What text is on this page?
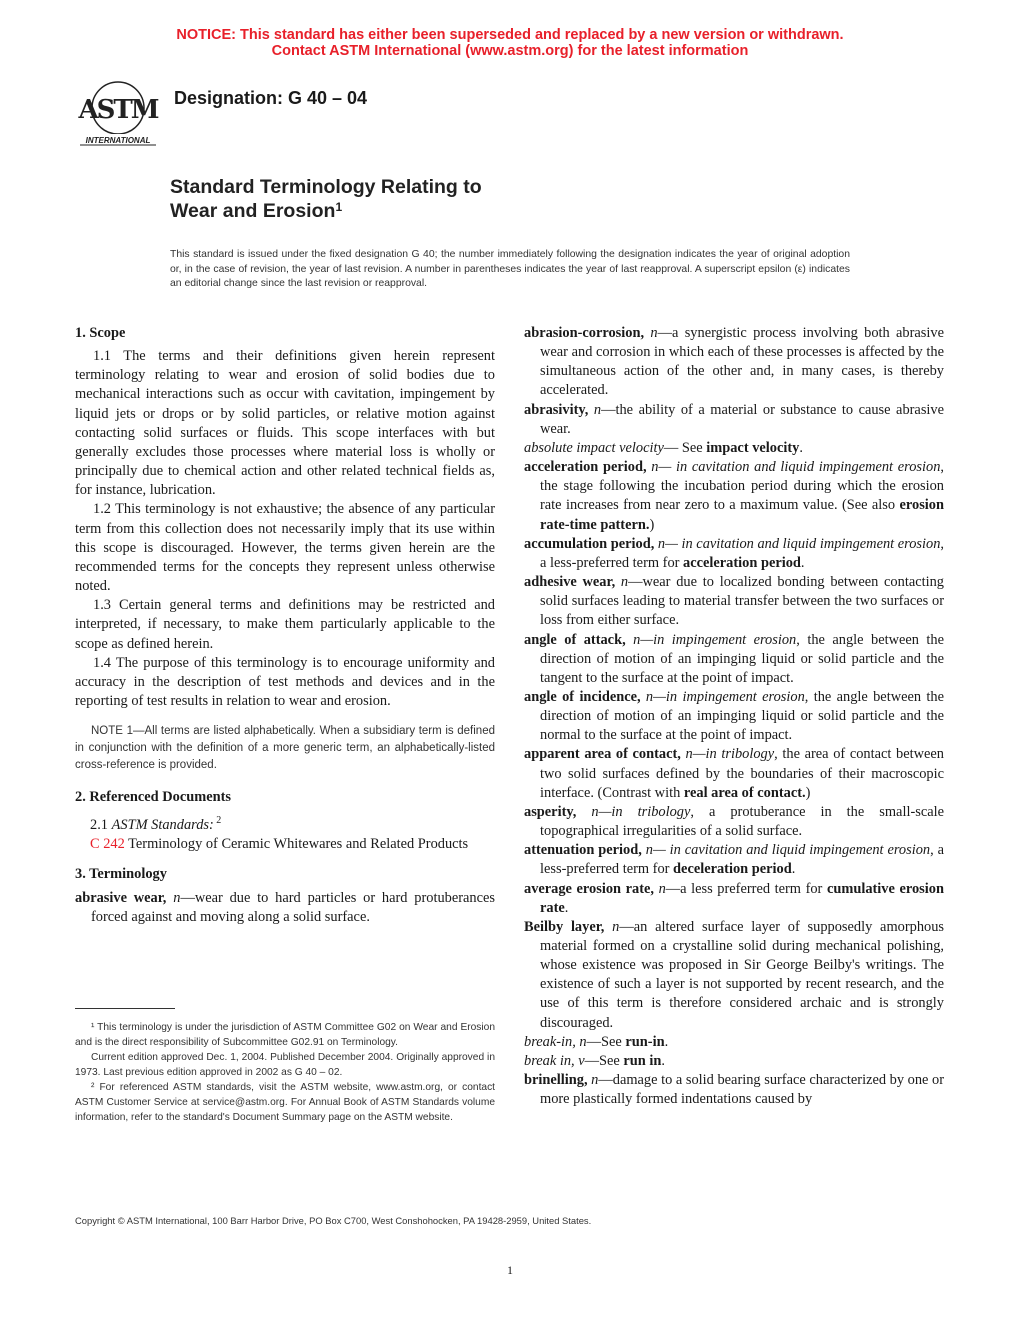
NOTICE: This standard has either been superseded and replaced by a new version or withdrawn.
Contact ASTM International (www.astm.org) for the latest information
ASTM
INTERNATIONAL
Designation: G 40 – 04
Standard Terminology Relating to
Wear and Erosion$^1$
This standard is issued under the fixed designation G 40; the number immediately following the designation indicates the year of original adoption or, in the case of revision, the year of last revision. A number in parentheses indicates the year of last reapproval. A superscript epsilon (ε) indicates an editorial change since the last revision or reapproval.

1. Scope

1.1 The terms and their definitions given herein represent terminology relating to wear and erosion of solid bodies due to mechanical interactions such as occur with cavitation, impingement by liquid jets or drops or by solid particles, or relative motion against contacting solid surfaces or fluids. This scope interfaces with but generally excludes those processes where material loss is wholly or principally due to chemical action and other related technical fields as, for instance, lubrication.

1.2 This terminology is not exhaustive; the absence of any particular term from this collection does not necessarily imply that its use within this scope is discouraged. However, the terms given herein are the recommended terms for the concepts they represent unless otherwise noted.

1.3 Certain general terms and definitions may be restricted and interpreted, if necessary, to make them particularly applicable to the scope as defined herein.

1.4 The purpose of this terminology is to encourage uniformity and accuracy in the description of test methods and devices and in the reporting of test results in relation to wear and erosion.

NOTE 1—All terms are listed alphabetically. When a subsidiary term is defined in conjunction with the definition of a more generic term, an alphabetically-listed cross-reference is provided.

2. Referenced Documents

2.1 ASTM Standards: $^2$

C 242 Terminology of Ceramic Whitewares and Related Products

3. Terminology

abrasive wear, n—wear due to hard particles or hard protuberances forced against and moving along a solid surface.

¹ This terminology is under the jurisdiction of ASTM Committee G02 on Wear and Erosion and is the direct responsibility of Subcommittee G02.91 on Terminology.

Current edition approved Dec. 1, 2004. Published December 2004. Originally approved in 1973. Last previous edition approved in 2002 as G 40 – 02.

² For referenced ASTM standards, visit the ASTM website, www.astm.org, or contact ASTM Customer Service at service@astm.org. For Annual Book of ASTM Standards volume information, refer to the standard's Document Summary page on the ASTM website.

abrasion-corrosion, n—a synergistic process involving both abrasive wear and corrosion in which each of these processes is affected by the simultaneous action of the other and, in many cases, is thereby accelerated.

abrasivity, n—the ability of a material or substance to cause abrasive wear.

absolute impact velocity— See impact velocity.

acceleration period, n— in cavitation and liquid impingement erosion, the stage following the incubation period during which the erosion rate increases from near zero to a maximum value. (See also erosion rate-time pattern.)

accumulation period, n— in cavitation and liquid impingement erosion, a less-preferred term for acceleration period.

adhesive wear, n—wear due to localized bonding between contacting solid surfaces leading to material transfer between the two surfaces or loss from either surface.

angle of attack, n—in impingement erosion, the angle between the direction of motion of an impinging liquid or solid particle and the tangent to the surface at the point of impact.

angle of incidence, n—in impingement erosion, the angle between the direction of motion of an impinging liquid or solid particle and the normal to the surface at the point of impact.

apparent area of contact, n—in tribology, the area of contact between two solid surfaces defined by the boundaries of their macroscopic interface. (Contrast with real area of contact.)

asperity, n—in tribology, a protuberance in the small-scale topographical irregularities of a solid surface.

attenuation period, n— in cavitation and liquid impingement erosion, a less-preferred term for deceleration period.

average erosion rate, n—a less preferred term for cumulative erosion rate.

Beilby layer, n—an altered surface layer of supposedly amorphous material formed on a crystalline solid during mechanical polishing, whose existence was proposed in Sir George Beilby's writings. The existence of such a layer is not supported by recent research, and the use of this term is therefore considered archaic and is strongly discouraged.

break-in, n—See run-in.

break in, v—See run in.

brinelling, n—damage to a solid bearing surface characterized by one or more plastically formed indentations caused by

Copyright © ASTM International, 100 Barr Harbor Drive, PO Box C700, West Conshohocken, PA 19428-2959, United States.
1
